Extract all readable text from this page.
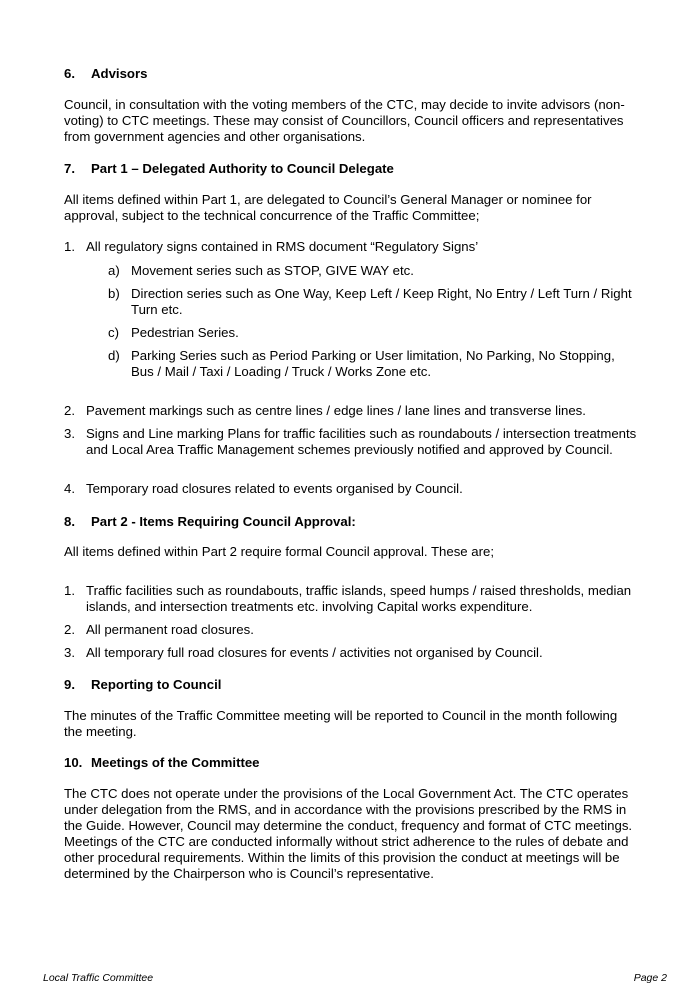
6. Advisors
Council, in consultation with the voting members of the CTC, may decide to invite advisors (non-voting) to CTC meetings. These may consist of Councillors, Council officers and representatives from government agencies and other organisations.
7. Part 1 – Delegated Authority to Council Delegate
All items defined within Part 1, are delegated to Council’s General Manager or nominee for approval, subject to the technical concurrence of the Traffic Committee;
1. All regulatory signs contained in RMS document “Regulatory Signs’
a) Movement series such as STOP, GIVE WAY etc.
b) Direction series such as One Way, Keep Left / Keep Right, No Entry / Left Turn / Right Turn etc.
c) Pedestrian Series.
d) Parking Series such as Period Parking or User limitation, No Parking, No Stopping, Bus / Mail / Taxi / Loading / Truck / Works Zone etc.
2. Pavement markings such as centre lines / edge lines / lane lines and transverse lines.
3. Signs and Line marking Plans for traffic facilities such as roundabouts / intersection treatments and Local Area Traffic Management schemes previously notified and approved by Council.
4. Temporary road closures related to events organised by Council.
8. Part 2 - Items Requiring Council Approval:
All items defined within Part 2 require formal Council approval. These are;
1. Traffic facilities such as roundabouts, traffic islands, speed humps / raised thresholds, median islands, and intersection treatments etc. involving Capital works expenditure.
2. All permanent road closures.
3. All temporary full road closures for events / activities not organised by Council.
9. Reporting to Council
The minutes of the Traffic Committee meeting will be reported to Council in the month following the meeting.
10. Meetings of the Committee
The CTC does not operate under the provisions of the Local Government Act. The CTC operates under delegation from the RMS, and in accordance with the provisions prescribed by the RMS in the Guide. However, Council may determine the conduct, frequency and format of CTC meetings. Meetings of the CTC are conducted informally without strict adherence to the rules of debate and other procedural requirements. Within the limits of this provision the conduct at meetings will be determined by the Chairperson who is Council’s representative.
Local Traffic Committee	Page 2
